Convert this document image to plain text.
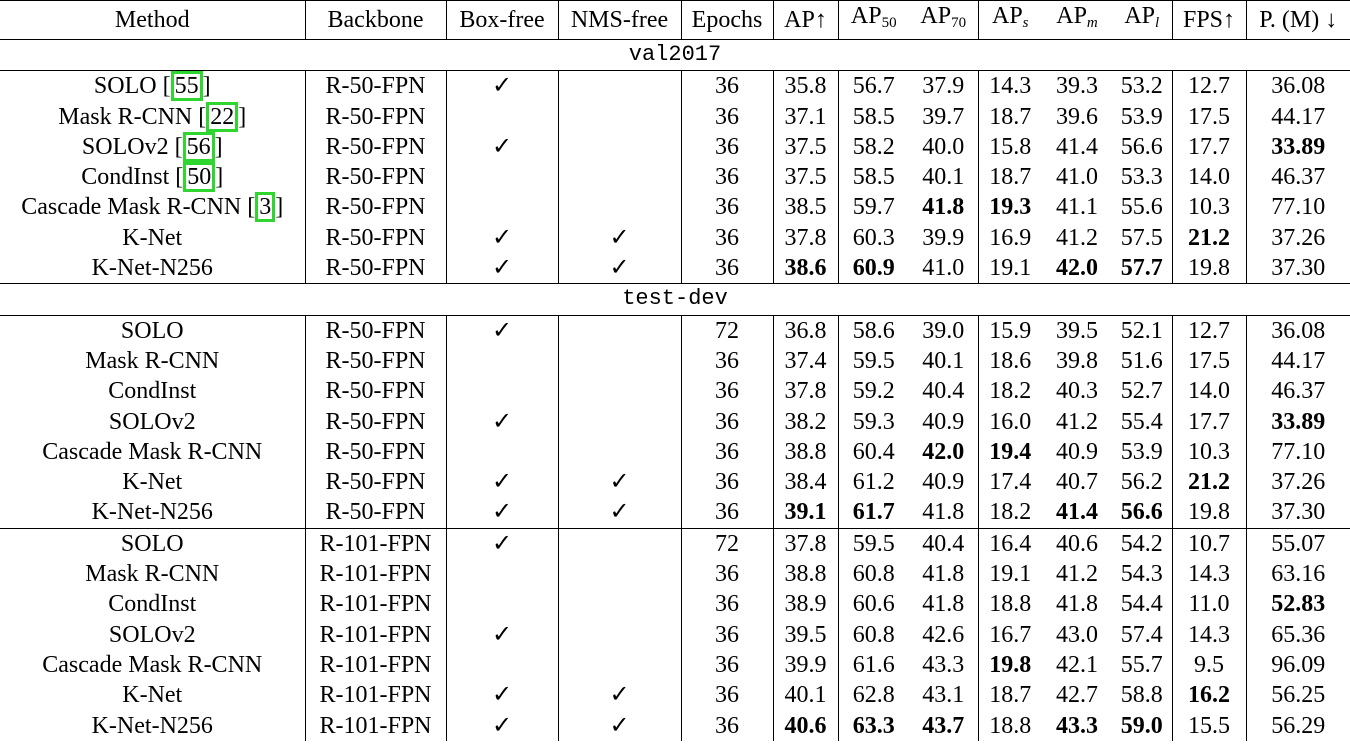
Method	Backbone	Box-free	NMS-free	Epochs	AP↑	$AP_{50}$	$AP_{70}$	$AP_s$	$AP_m$	$AP_l$	FPS↑	P. (M) ↓
val2017												
SOLO [ 55 ]	R-50-FPN	✓		36	35.8	56.7	37.9	14.3	39.3	53.2	12.7	36.08
Mask R-CNN [ 22 ]	R-50-FPN			36	37.1	58.5	39.7	18.7	39.6	53.9	17.5	44.17
SOLOv2 [ 56 ]	R-50-FPN	✓		36	37.5	58.2	40.0	15.8	41.4	56.6	17.7	33.89
CondInst [ 50 ]	R-50-FPN			36	37.5	58.5	40.1	18.7	41.0	53.3	14.0	46.37
Cascade Mask R-CNN [ 3 ]	R-50-FPN			36	38.5	59.7	41.8	19.3	41.1	55.6	10.3	77.10
K-Net	R-50-FPN	✓	✓	36	37.8	60.3	39.9	16.9	41.2	57.5	21.2	37.26
K-Net-N256	R-50-FPN	✓	✓	36	38.6	60.9	41.0	19.1	42.0	57.7	19.8	37.30
test-dev												
SOLO	R-50-FPN	✓		72	36.8	58.6	39.0	15.9	39.5	52.1	12.7	36.08
Mask R-CNN	R-50-FPN			36	37.4	59.5	40.1	18.6	39.8	51.6	17.5	44.17
CondInst	R-50-FPN			36	37.8	59.2	40.4	18.2	40.3	52.7	14.0	46.37
SOLOv2	R-50-FPN	✓		36	38.2	59.3	40.9	16.0	41.2	55.4	17.7	33.89
Cascade Mask R-CNN	R-50-FPN			36	38.8	60.4	42.0	19.4	40.9	53.9	10.3	77.10
K-Net	R-50-FPN	✓	✓	36	38.4	61.2	40.9	17.4	40.7	56.2	21.2	37.26
K-Net-N256	R-50-FPN	✓	✓	36	39.1	61.7	41.8	18.2	41.4	56.6	19.8	37.30
SOLO	R-101-FPN	✓		72	37.8	59.5	40.4	16.4	40.6	54.2	10.7	55.07
Mask R-CNN	R-101-FPN			36	38.8	60.8	41.8	19.1	41.2	54.3	14.3	63.16
CondInst	R-101-FPN			36	38.9	60.6	41.8	18.8	41.8	54.4	11.0	52.83
SOLOv2	R-101-FPN	✓		36	39.5	60.8	42.6	16.7	43.0	57.4	14.3	65.36
Cascade Mask R-CNN	R-101-FPN			36	39.9	61.6	43.3	19.8	42.1	55.7	9.5	96.09
K-Net	R-101-FPN	✓	✓	36	40.1	62.8	43.1	18.7	42.7	58.8	16.2	56.25
K-Net-N256	R-101-FPN	✓	✓	36	40.6	63.3	43.7	18.8	43.3	59.0	15.5	56.29
